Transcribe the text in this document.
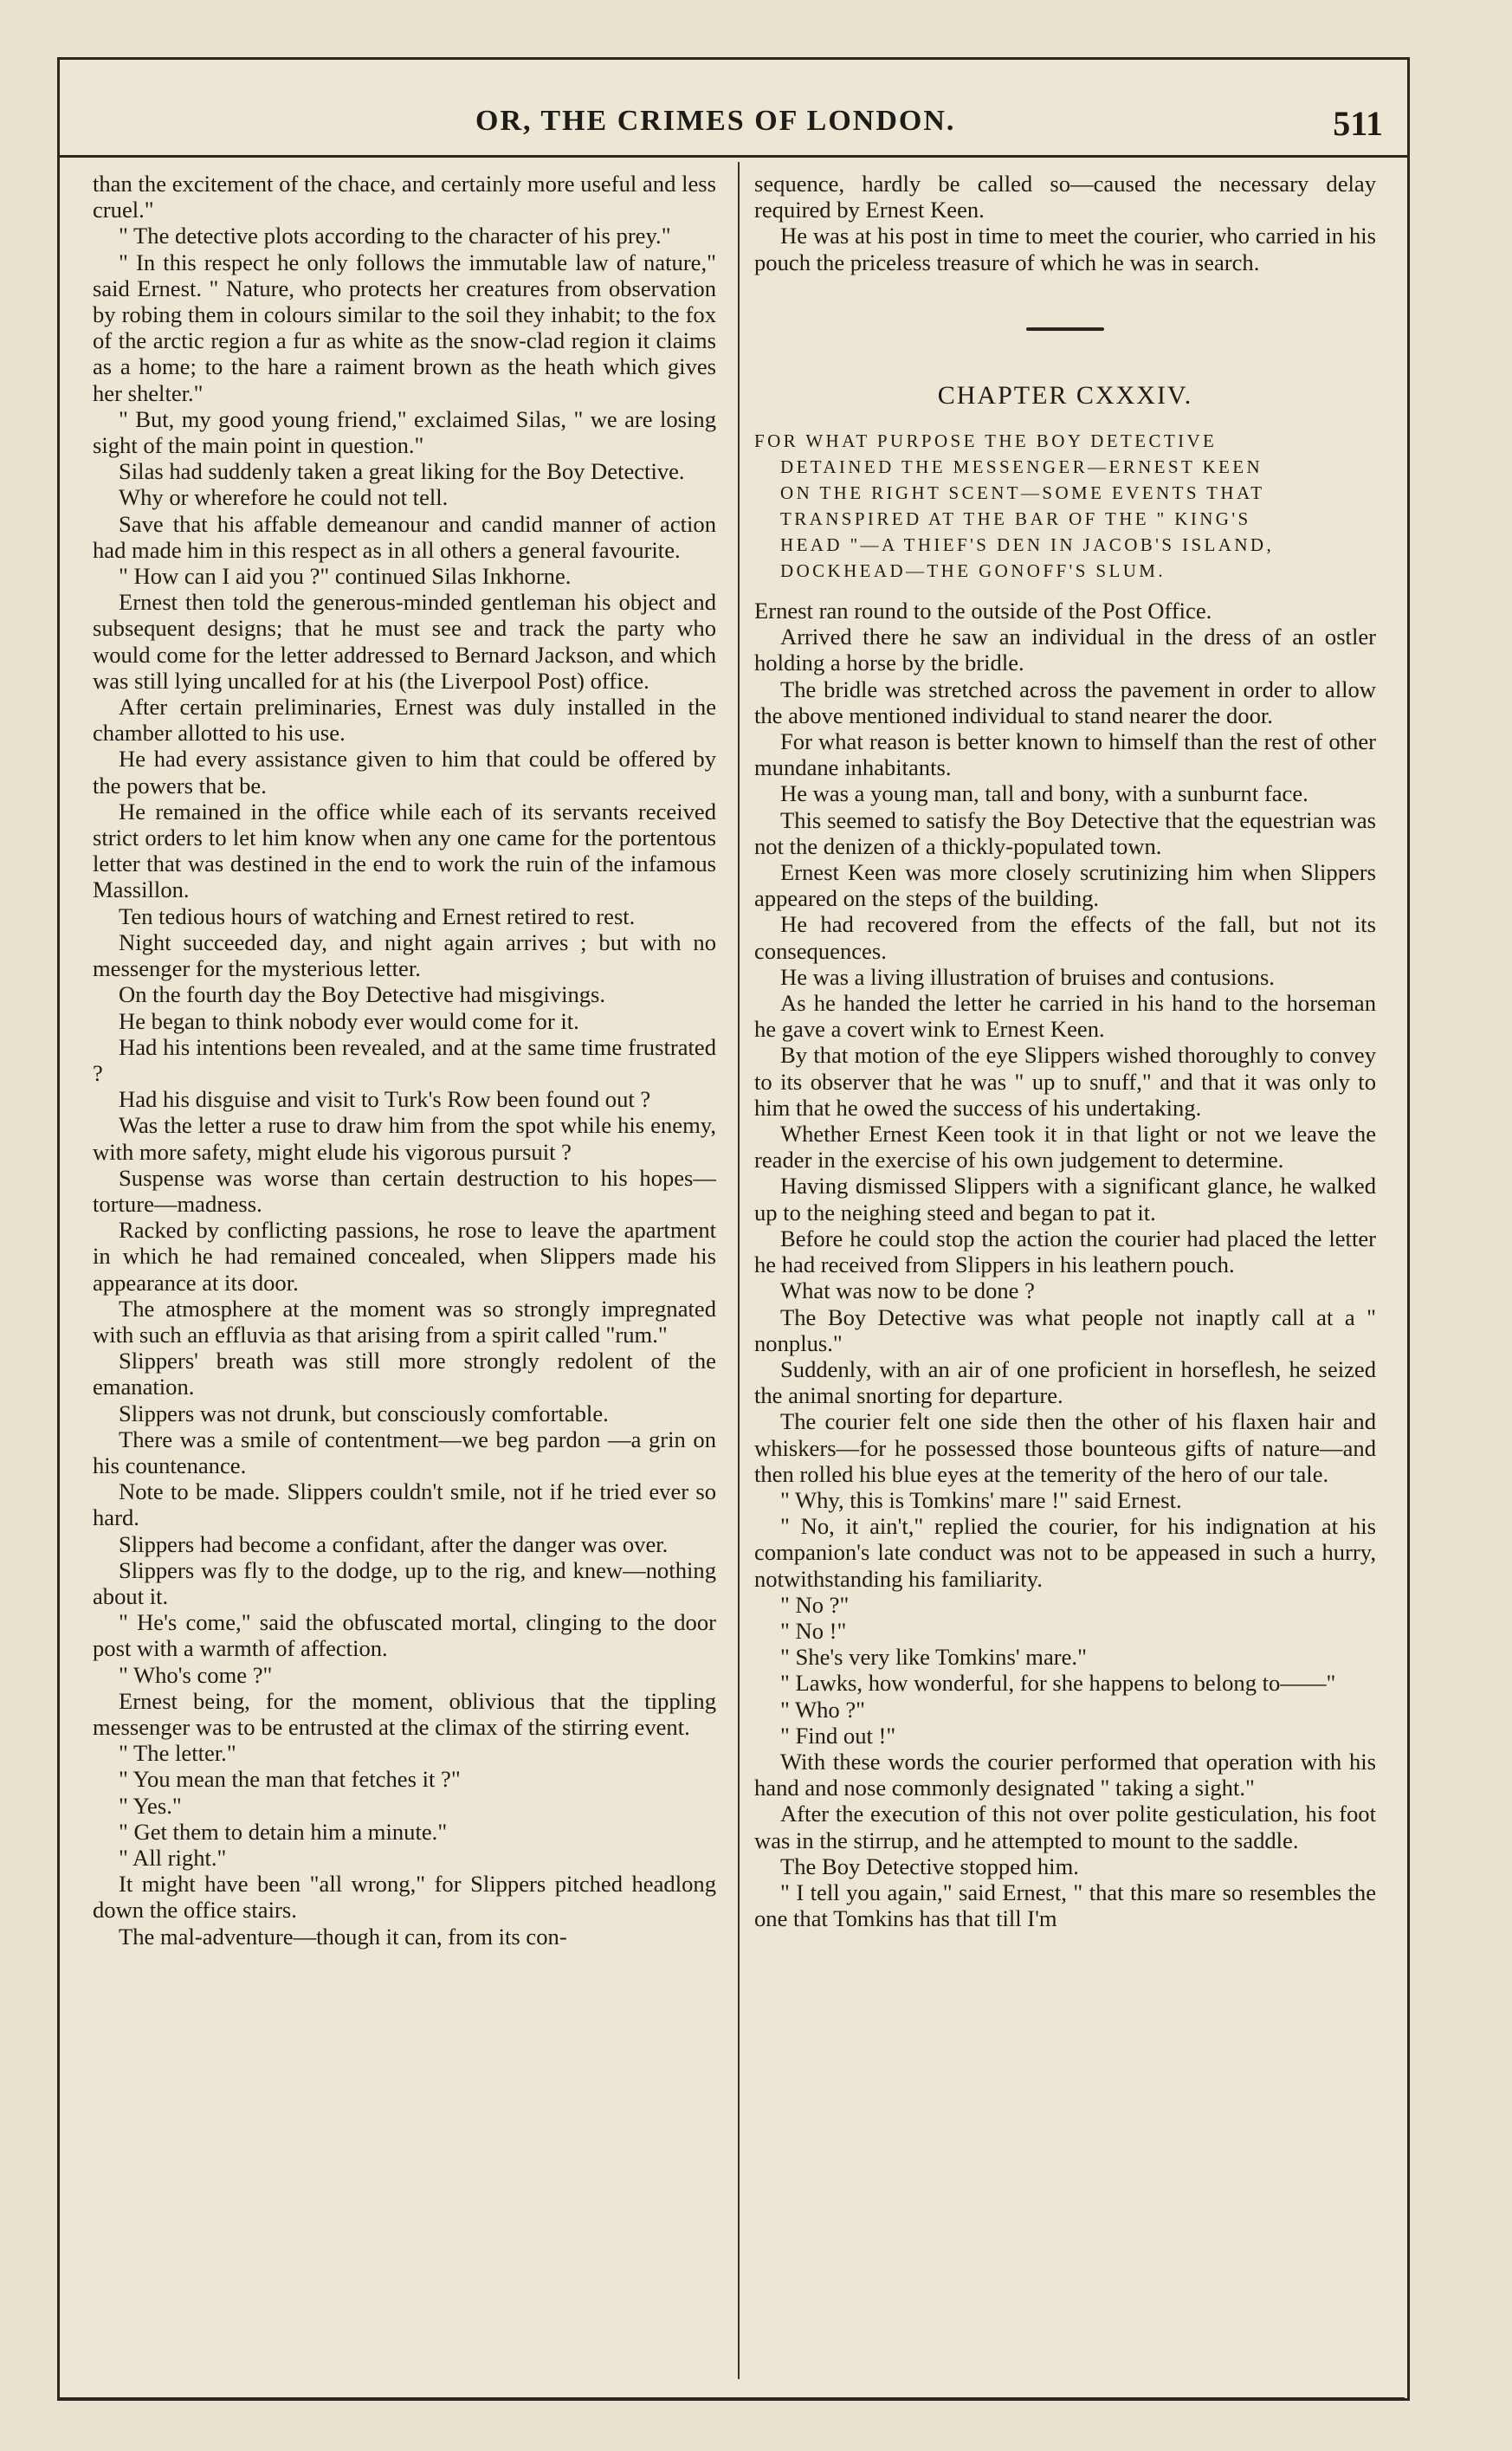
OR, THE CRIMES OF LONDON.	511

than the excitement of the chace, and certainly more useful and less cruel."

" The detective plots according to the character of his prey."

" In this respect he only follows the immutable law of nature," said Ernest. " Nature, who protects her creatures from observation by robing them in colours similar to the soil they inhabit; to the fox of the arctic region a fur as white as the snow-clad region it claims as a home; to the hare a raiment brown as the heath which gives her shelter."

" But, my good young friend," exclaimed Silas, " we are losing sight of the main point in question."

Silas had suddenly taken a great liking for the Boy Detective.

Why or wherefore he could not tell.

Save that his affable demeanour and candid manner of action had made him in this respect as in all others a general favourite.

" How can I aid you ?" continued Silas Inkhorne.

Ernest then told the generous-minded gentleman his object and subsequent designs; that he must see and track the party who would come for the letter addressed to Bernard Jackson, and which was still lying uncalled for at his (the Liverpool Post) office.

After certain preliminaries, Ernest was duly installed in the chamber allotted to his use.

He had every assistance given to him that could be offered by the powers that be.

He remained in the office while each of its servants received strict orders to let him know when any one came for the portentous letter that was destined in the end to work the ruin of the infamous Massillon.

Ten tedious hours of watching and Ernest retired to rest.

Night succeeded day, and night again arrives ; but with no messenger for the mysterious letter.

On the fourth day the Boy Detective had misgivings.

He began to think nobody ever would come for it.

Had his intentions been revealed, and at the same time frustrated ?

Had his disguise and visit to Turk's Row been found out ?

Was the letter a ruse to draw him from the spot while his enemy, with more safety, might elude his vigorous pursuit ?

Suspense was worse than certain destruction to his hopes—torture—madness.

Racked by conflicting passions, he rose to leave the apartment in which he had remained concealed, when Slippers made his appearance at its door.

The atmosphere at the moment was so strongly impregnated with such an effluvia as that arising from a spirit called "rum."

Slippers' breath was still more strongly redolent of the emanation.

Slippers was not drunk, but consciously comfortable.

There was a smile of contentment—we beg pardon —a grin on his countenance.

Note to be made. Slippers couldn't smile, not if he tried ever so hard.

Slippers had become a confidant, after the danger was over.

Slippers was fly to the dodge, up to the rig, and knew—nothing about it.

" He's come," said the obfuscated mortal, clinging to the door post with a warmth of affection.

" Who's come ?"

Ernest being, for the moment, oblivious that the tippling messenger was to be entrusted at the climax of the stirring event.

" The letter."

" You mean the man that fetches it ?"

" Yes."

" Get them to detain him a minute."

" All right."

It might have been "all wrong," for Slippers pitched headlong down the office stairs.

The mal-adventure—though it can, from its con-

sequence, hardly be called so—caused the necessary delay required by Ernest Keen.

He was at his post in time to meet the courier, who carried in his pouch the priceless treasure of which he was in search.

CHAPTER CXXXIV.
FOR WHAT PURPOSE THE BOY DETECTIVE
DETAINED THE MESSENGER—ERNEST KEEN
ON THE RIGHT SCENT—SOME EVENTS THAT
TRANSPIRED AT THE BAR OF THE " KING'S
HEAD "—A THIEF'S DEN IN JACOB'S ISLAND,
DOCKHEAD—THE GONOFF'S SLUM.

Ernest ran round to the outside of the Post Office.

Arrived there he saw an individual in the dress of an ostler holding a horse by the bridle.

The bridle was stretched across the pavement in order to allow the above mentioned individual to stand nearer the door.

For what reason is better known to himself than the rest of other mundane inhabitants.

He was a young man, tall and bony, with a sunburnt face.

This seemed to satisfy the Boy Detective that the equestrian was not the denizen of a thickly-populated town.

Ernest Keen was more closely scrutinizing him when Slippers appeared on the steps of the building.

He had recovered from the effects of the fall, but not its consequences.

He was a living illustration of bruises and contusions.

As he handed the letter he carried in his hand to the horseman he gave a covert wink to Ernest Keen.

By that motion of the eye Slippers wished thoroughly to convey to its observer that he was " up to snuff," and that it was only to him that he owed the success of his undertaking.

Whether Ernest Keen took it in that light or not we leave the reader in the exercise of his own judgement to determine.

Having dismissed Slippers with a significant glance, he walked up to the neighing steed and began to pat it.

Before he could stop the action the courier had placed the letter he had received from Slippers in his leathern pouch.

What was now to be done ?

The Boy Detective was what people not inaptly call at a " nonplus."

Suddenly, with an air of one proficient in horseflesh, he seized the animal snorting for departure.

The courier felt one side then the other of his flaxen hair and whiskers—for he possessed those bounteous gifts of nature—and then rolled his blue eyes at the temerity of the hero of our tale.

" Why, this is Tomkins' mare !" said Ernest.

" No, it ain't," replied the courier, for his indignation at his companion's late conduct was not to be appeased in such a hurry, notwithstanding his familiarity.

" No ?"

" No !"

" She's very like Tomkins' mare."

" Lawks, how wonderful, for she happens to belong to——"

" Who ?"

" Find out !"

With these words the courier performed that operation with his hand and nose commonly designated " taking a sight."

After the execution of this not over polite gesticulation, his foot was in the stirrup, and he attempted to mount to the saddle.

The Boy Detective stopped him.

" I tell you again," said Ernest, " that this mare so resembles the one that Tomkins has that till I'm
